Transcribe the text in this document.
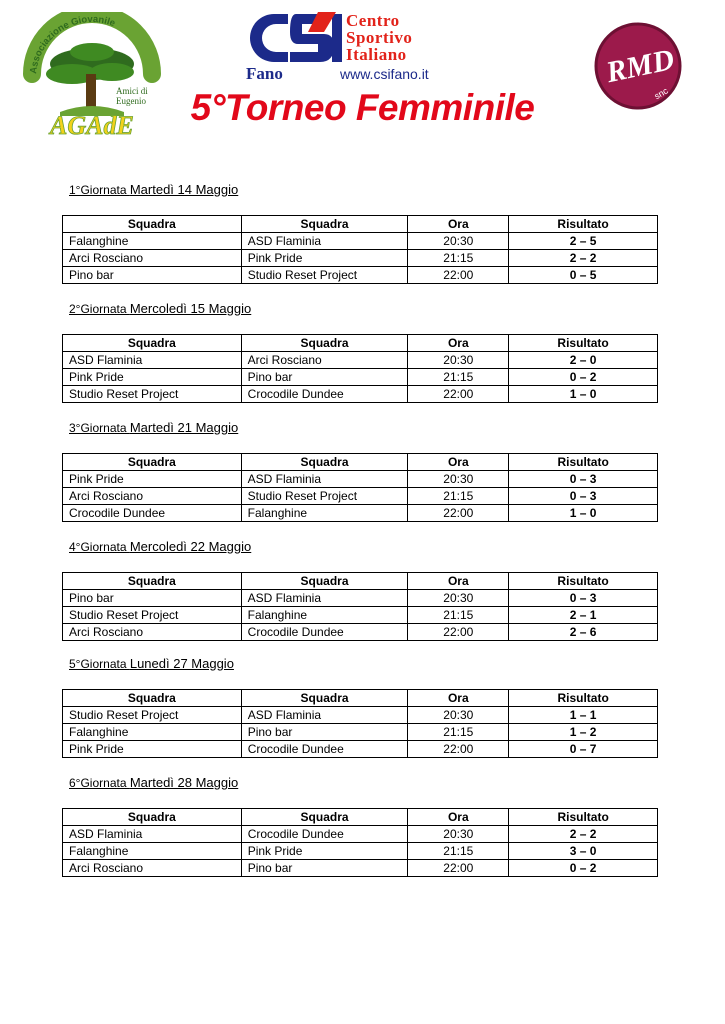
Associazione Giovanile
Amici di
Eugenio
AGAdE
Centro
Sportivo
Italiano
Fano	www.csifano.it	RMD
snc
5°Torneo Femminile
1°Giornata Martedì 14 Maggio
Squadra	Squadra	Ora	Risultato
Falanghine	ASD Flaminia	20:30	2 – 5
Arci Rosciano	Pink Pride	21:15	2 – 2
Pino bar	Studio Reset Project	22:00	0 – 5
2°Giornata Mercoledì 15 Maggio
Squadra	Squadra	Ora	Risultato
ASD Flaminia	Arci Rosciano	20:30	2 – 0
Pink Pride	Pino bar	21:15	0 – 2
Studio Reset Project	Crocodile Dundee	22:00	1 – 0
3°Giornata Martedì 21 Maggio
Squadra	Squadra	Ora	Risultato
Pink Pride	ASD Flaminia	20:30	0 – 3
Arci Rosciano	Studio Reset Project	21:15	0 – 3
Crocodile Dundee	Falanghine	22:00	1 – 0
4°Giornata Mercoledì 22 Maggio
Squadra	Squadra	Ora	Risultato
Pino bar	ASD Flaminia	20:30	0 – 3
Studio Reset Project	Falanghine	21:15	2 – 1
Arci Rosciano	Crocodile Dundee	22:00	2 – 6
5°Giornata Lunedì 27 Maggio
Squadra	Squadra	Ora	Risultato
Studio Reset Project	ASD Flaminia	20:30	1 – 1
Falanghine	Pino bar	21:15	1 – 2
Pink Pride	Crocodile Dundee	22:00	0 – 7
6°Giornata Martedì 28 Maggio
Squadra	Squadra	Ora	Risultato
ASD Flaminia	Crocodile Dundee	20:30	2 – 2
Falanghine	Pink Pride	21:15	3 – 0
Arci Rosciano	Pino bar	22:00	0 – 2
